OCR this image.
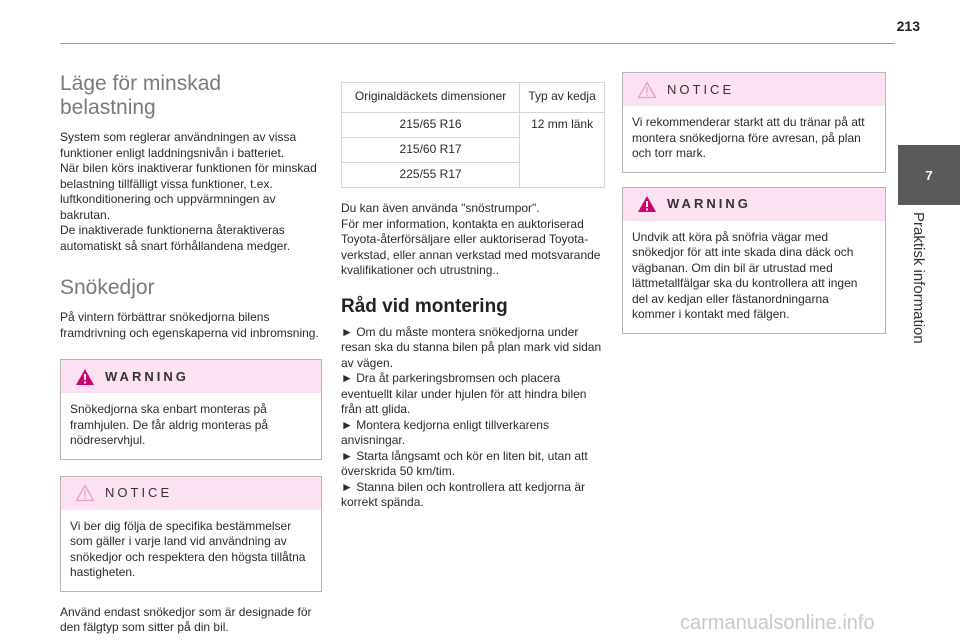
213
7
Praktisk information
Läge för minskad belastning

System som reglerar användningen av vissa funktioner enligt laddningsnivån i batteriet.

När bilen körs inaktiverar funktionen för minskad belastning tillfälligt vissa funktioner, t.ex. luftkonditionering och uppvärmningen av bakrutan.

De inaktiverade funktionerna återaktiveras automatiskt så snart förhållandena medger.

Snökedjor

På vintern förbättrar snökedjorna bilens framdrivning och egenskaperna vid inbromsning.

WARNING

Snökedjorna ska enbart monteras på framhjulen. De får aldrig monteras på nödreservhjul.

NOTICE

Vi ber dig följa de specifika bestämmelser som gäller i varje land vid användning av snökedjor och respektera den högsta tillåtna hastigheten.

Använd endast snökedjor som är designade för den fälgtyp som sitter på din bil.

Originaldäckets dimensioner	Typ av kedja
215/65 R16	12 mm länk
215/60 R17	
225/55 R17	

Du kan även använda "snöstrumpor".

För mer information, kontakta en auktoriserad Toyota-återförsäljare eller auktoriserad Toyota-verkstad, eller annan verkstad med motsvarande kvalifikationer och utrustning..

Råd vid montering

► Om du måste montera snökedjorna under resan ska du stanna bilen på plan mark vid sidan av vägen.

► Dra åt parkeringsbromsen och placera eventuellt kilar under hjulen för att hindra bilen från att glida.

► Montera kedjorna enligt tillverkarens anvisningar.

► Starta långsamt och kör en liten bit, utan att överskrida 50 km/tim.

► Stanna bilen och kontrollera att kedjorna är korrekt spända.

NOTICE

Vi rekommenderar starkt att du tränar på att montera snökedjorna före avresan, på plan och torr mark.

WARNING

Undvik att köra på snöfria vägar med snökedjor för att inte skada dina däck och vägbanan. Om din bil är utrustad med lättmetallfälgar ska du kontrollera att ingen del av kedjan eller fästanordningarna kommer i kontakt med fälgen.

carmanualsonline.info
